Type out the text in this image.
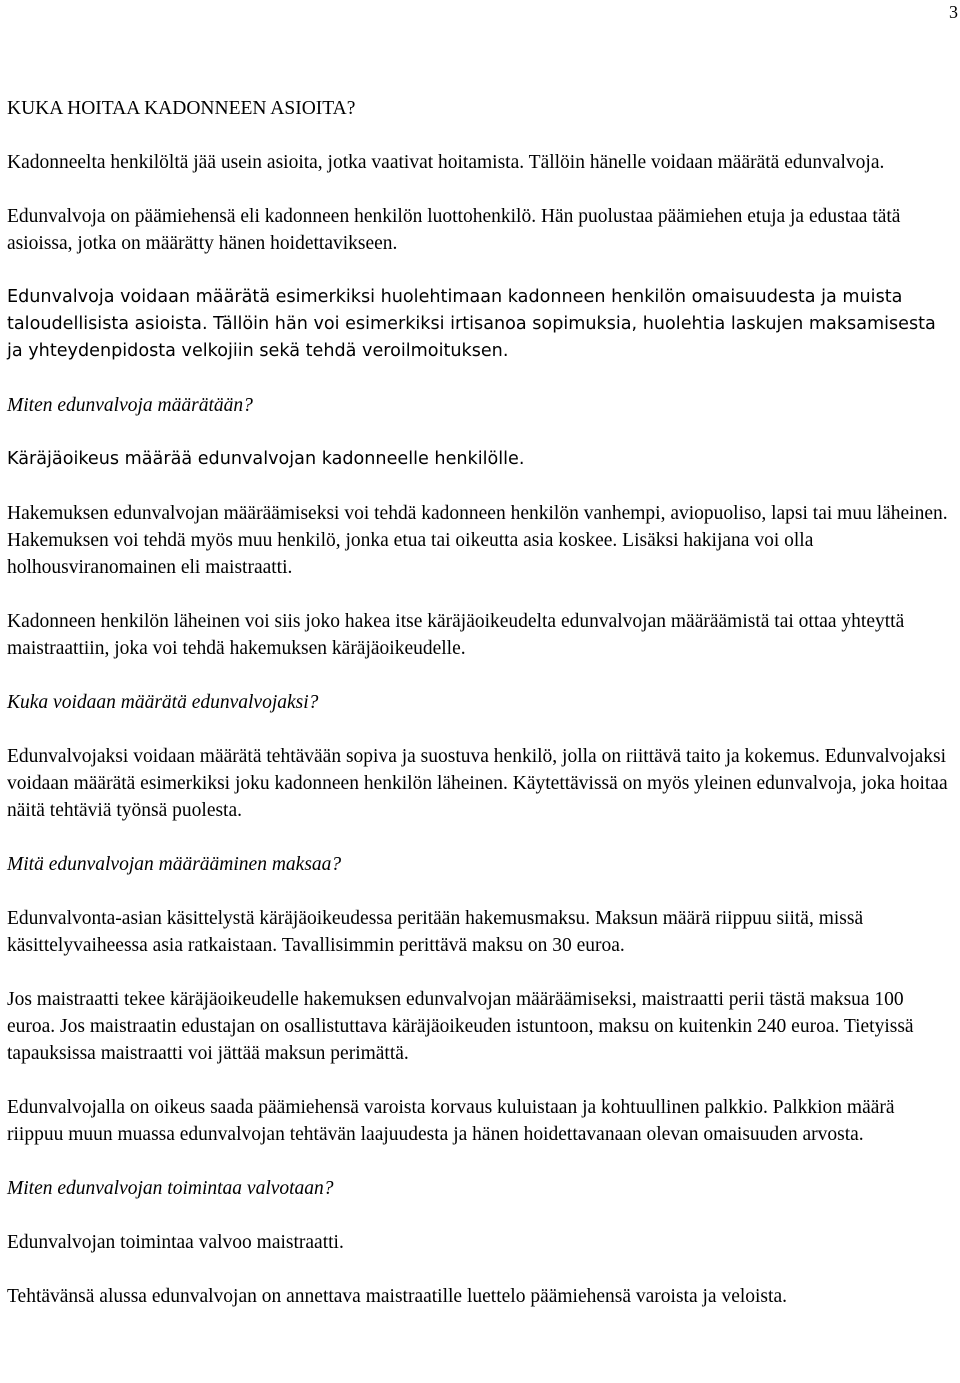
3

KUKA HOITAA KADONNEEN ASIOITA?

Kadonneelta henkilöltä jää usein asioita, jotka vaativat hoitamista. Tällöin hänelle voidaan määrätä edunvalvoja.

Edunvalvoja on päämiehensä eli kadonneen henkilön luottohenkilö. Hän puolustaa päämiehen etuja ja edustaa tätä asioissa, jotka on määrätty hänen hoidettavikseen.

Edunvalvoja voidaan määrätä esimerkiksi huolehtimaan kadonneen henkilön omaisuudesta ja muista taloudellisista asioista. Tällöin hän voi esimerkiksi irtisanoa sopimuksia, huolehtia laskujen maksamisesta ja yhteydenpidosta velkojiin sekä tehdä veroilmoituksen.

Miten edunvalvoja määrätään?

Käräjäoikeus määrää edunvalvojan kadonneelle henkilölle.

Hakemuksen edunvalvojan määräämiseksi voi tehdä kadonneen henkilön vanhempi, aviopuoliso, lapsi tai muu läheinen. Hakemuksen voi tehdä myös muu henkilö, jonka etua tai oikeutta asia koskee. Lisäksi hakijana voi olla holhousviranomainen eli maistraatti.

Kadonneen henkilön läheinen voi siis joko hakea itse käräjäoikeudelta edunvalvojan määräämistä tai ottaa yhteyttä maistraattiin, joka voi tehdä hakemuksen käräjäoikeudelle.

Kuka voidaan määrätä edunvalvojaksi?

Edunvalvojaksi voidaan määrätä tehtävään sopiva ja suostuva henkilö, jolla on riittävä taito ja kokemus. Edunvalvojaksi voidaan määrätä esimerkiksi joku kadonneen henkilön läheinen. Käytettävissä on myös yleinen edunvalvoja, joka hoitaa näitä tehtäviä työnsä puolesta.

Mitä edunvalvojan määrääminen maksaa?

Edunvalvonta-asian käsittelystä käräjäoikeudessa peritään hakemusmaksu. Maksun määrä riippuu siitä, missä käsittelyvaiheessa asia ratkaistaan. Tavallisimmin perittävä maksu on 30 euroa.

Jos maistraatti tekee käräjäoikeudelle hakemuksen edunvalvojan määräämiseksi, maistraatti perii tästä maksua 100 euroa. Jos maistraatin edustajan on osallistuttava käräjäoikeuden istuntoon, maksu on kuitenkin 240 euroa. Tietyissä tapauksissa maistraatti voi jättää maksun perimättä.

Edunvalvojalla on oikeus saada päämiehensä varoista korvaus kuluistaan ja kohtuullinen palkkio. Palkkion määrä riippuu muun muassa edunvalvojan tehtävän laajuudesta ja hänen hoidettavanaan olevan omaisuuden arvosta.

Miten edunvalvojan toimintaa valvotaan?

Edunvalvojan toimintaa valvoo maistraatti.

Tehtävänsä alussa edunvalvojan on annettava maistraatille luettelo päämiehensä varoista ja veloista.
